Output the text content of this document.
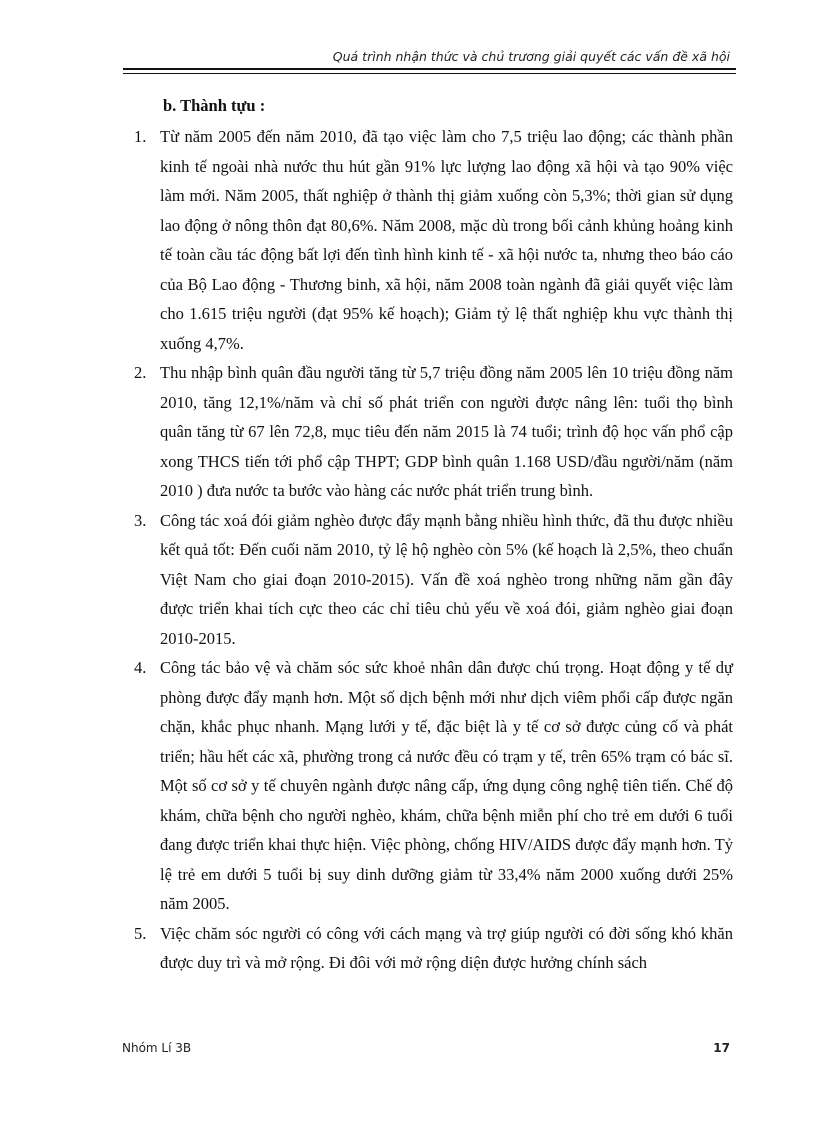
Quá trình nhận thức và chủ trương giải quyết các vấn đề xã hội
b. Thành tựu :
1. Từ năm 2005 đến năm 2010, đã tạo việc làm cho 7,5 triệu lao động; các thành phần kinh tế ngoài nhà nước thu hút gần 91% lực lượng lao động xã hội và tạo 90% việc làm mới. Năm 2005, thất nghiệp ở thành thị giảm xuống còn 5,3%; thời gian sử dụng lao động ở nông thôn đạt 80,6%. Năm 2008, mặc dù trong bối cảnh khủng hoảng kinh tế toàn cầu tác động bất lợi đến tình hình kinh tế - xã hội nước ta, nhưng theo báo cáo của Bộ Lao động - Thương binh, xã hội, năm 2008 toàn ngành đã giải quyết việc làm cho 1.615 triệu người (đạt 95% kế hoạch); Giảm tỷ lệ thất nghiệp khu vực thành thị xuống 4,7%.
2. Thu nhập bình quân đầu người tăng từ 5,7 triệu đồng năm 2005 lên 10 triệu đồng năm 2010, tăng 12,1%/năm và chỉ số phát triển con người được nâng lên: tuổi thọ bình quân tăng từ 67 lên 72,8, mục tiêu đến năm 2015 là 74 tuổi; trình độ học vấn phổ cập xong THCS tiến tới phổ cập THPT; GDP bình quân 1.168 USD/đầu người/năm (năm 2010 ) đưa nước ta bước vào hàng các nước phát triển trung bình.
3. Công tác xoá đói giảm nghèo được đẩy mạnh bằng nhiều hình thức, đã thu được nhiều kết quả tốt: Đến cuối năm 2010, tỷ lệ hộ nghèo còn 5% (kế hoạch là 2,5%, theo chuẩn Việt Nam cho giai đoạn 2010-2015). Vấn đề xoá nghèo trong những năm gần đây được triển khai tích cực theo các chỉ tiêu chủ yếu về xoá đói, giảm nghèo giai đoạn 2010-2015.
4. Công tác bảo vệ và chăm sóc sức khoẻ nhân dân được chú trọng. Hoạt động y tế dự phòng được đẩy mạnh hơn. Một số dịch bệnh mới như dịch viêm phổi cấp được ngăn chặn, khắc phục nhanh. Mạng lưới y tế, đặc biệt là y tế cơ sở được củng cố và phát triển; hầu hết các xã, phường trong cả nước đều có trạm y tế, trên 65% trạm có bác sĩ. Một số cơ sở y tế chuyên ngành được nâng cấp, ứng dụng công nghệ tiên tiến. Chế độ khám, chữa bệnh cho người nghèo, khám, chữa bệnh miễn phí cho trẻ em dưới 6 tuổi đang được triển khai thực hiện. Việc phòng, chống HIV/AIDS được đẩy mạnh hơn. Tỷ lệ trẻ em dưới 5 tuổi bị suy dinh dưỡng giảm từ 33,4% năm 2000 xuống dưới 25% năm 2005.
5. Việc chăm sóc người có công với cách mạng và trợ giúp người có đời sống khó khăn được duy trì và mở rộng. Đi đôi với mở rộng diện được hưởng chính sách
Nhóm Lí 3B	17
